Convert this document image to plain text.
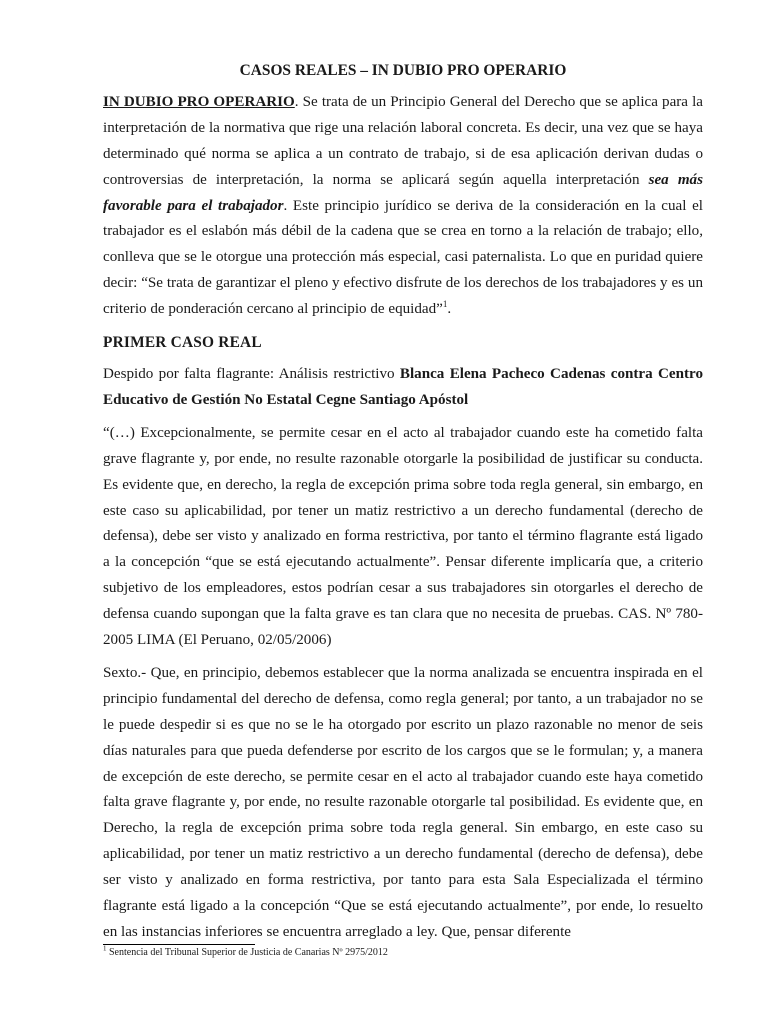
CASOS REALES – IN DUBIO PRO OPERARIO

IN DUBIO PRO OPERARIO. Se trata de un Principio General del Derecho que se aplica para la interpretación de la normativa que rige una relación laboral concreta. Es decir, una vez que se haya determinado qué norma se aplica a un contrato de trabajo, si de esa aplicación derivan dudas o controversias de interpretación, la norma se aplicará según aquella interpretación sea más favorable para el trabajador. Este principio jurídico se deriva de la consideración en la cual el trabajador es el eslabón más débil de la cadena que se crea en torno a la relación de trabajo; ello, conlleva que se le otorgue una protección más especial, casi paternalista. Lo que en puridad quiere decir: “Se trata de garantizar el pleno y efectivo disfrute de los derechos de los trabajadores y es un criterio de ponderación cercano al principio de equidad”$^1$.

PRIMER CASO REAL

Despido por falta flagrante: Análisis restrictivo Blanca Elena Pacheco Cadenas contra Centro Educativo de Gestión No Estatal Cegne Santiago Apóstol

“(…) Excepcionalmente, se permite cesar en el acto al trabajador cuando este ha cometido falta grave flagrante y, por ende, no resulte razonable otorgarle la posibilidad de justificar su conducta. Es evidente que, en derecho, la regla de excepción prima sobre toda regla general, sin embargo, en este caso su aplicabilidad, por tener un matiz restrictivo a un derecho fundamental (derecho de defensa), debe ser visto y analizado en forma restrictiva, por tanto el término flagrante está ligado a la concepción “que se está ejecutando actualmente”. Pensar diferente implicaría que, a criterio subjetivo de los empleadores, estos podrían cesar a sus trabajadores sin otorgarles el derecho de defensa cuando supongan que la falta grave es tan clara que no necesita de pruebas. CAS. Nº 780-2005 LIMA (El Peruano, 02/05/2006)

Sexto.- Que, en principio, debemos establecer que la norma analizada se encuentra inspirada en el principio fundamental del derecho de defensa, como regla general; por tanto, a un trabajador no se le puede despedir si es que no se le ha otorgado por escrito un plazo razonable no menor de seis días naturales para que pueda defenderse por escrito de los cargos que se le formulan; y, a manera de excepción de este derecho, se permite cesar en el acto al trabajador cuando este haya cometido falta grave flagrante y, por ende, no resulte razonable otorgarle tal posibilidad. Es evidente que, en Derecho, la regla de excepción prima sobre toda regla general. Sin embargo, en este caso su aplicabilidad, por tener un matiz restrictivo a un derecho fundamental (derecho de defensa), debe ser visto y analizado en forma restrictiva, por tanto para esta Sala Especializada el término flagrante está ligado a la concepción “Que se está ejecutando actualmente”, por ende, lo resuelto en las instancias inferiores se encuentra arreglado a ley. Que, pensar diferente

$^1$ Sentencia del Tribunal Superior de Justicia de Canarias Nº 2975/2012
